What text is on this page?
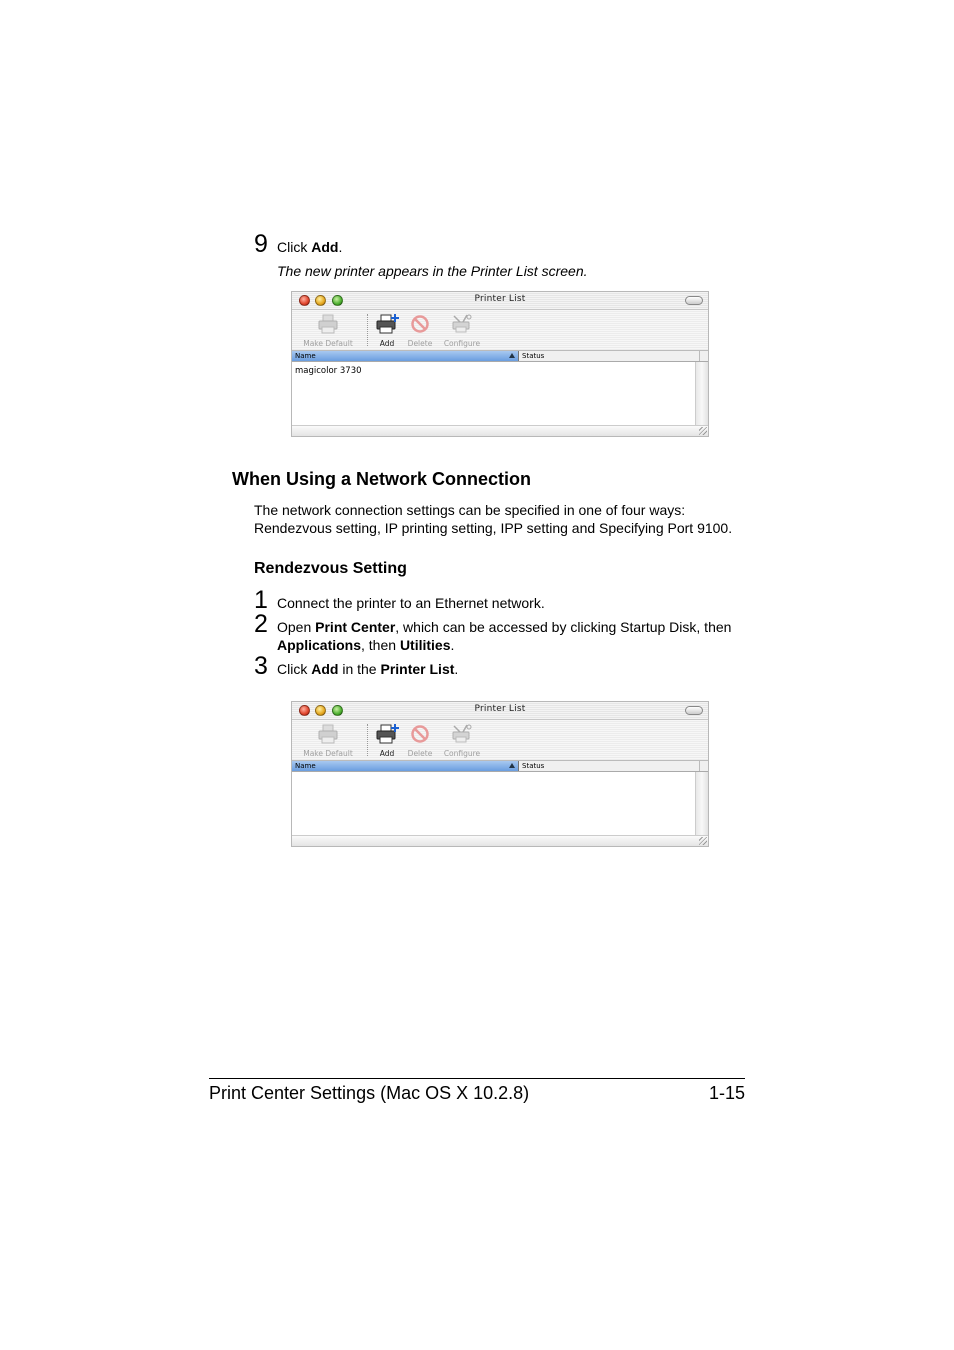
9 Click Add.
The new printer appears in the Printer List screen.
Printer List
Make Default	Add	Delete	Configure
Name	Status
magicolor 3730
When Using a Network Connection
The network connection settings can be specified in one of four ways:
Rendezvous setting, IP printing setting, IPP setting and Specifying Port 9100.
Rendezvous Setting
1 Connect the printer to an Ethernet network.
2 Open Print Center, which can be accessed by clicking Startup Disk, then
Applications, then Utilities.
3 Click Add in the Printer List.
Printer List
Make Default	Add	Delete	Configure
Name	Status
Print Center Settings (Mac OS X 10.2.8)	1-15
